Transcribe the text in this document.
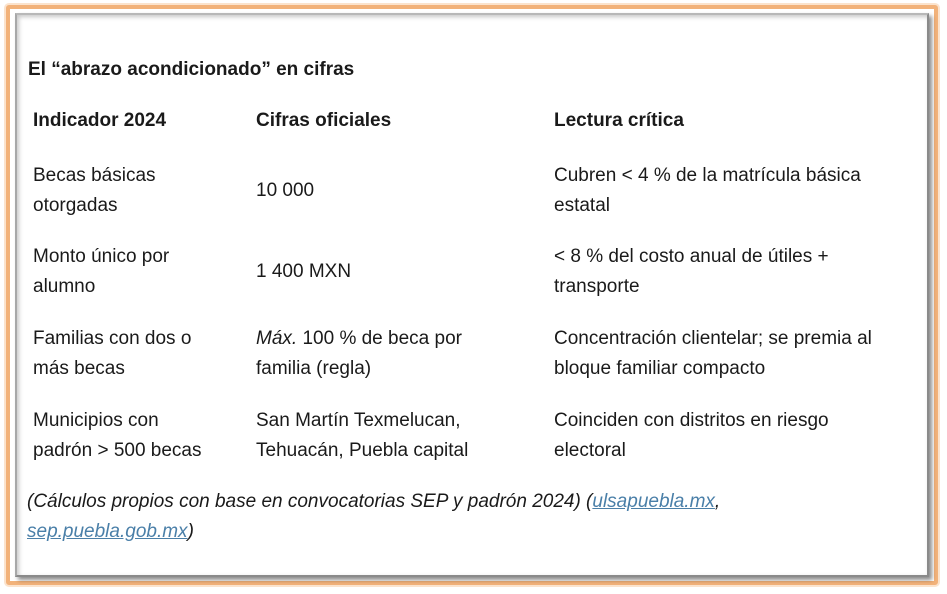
El “abrazo acondicionado” en cifras
Indicador 2024	Cifras oficiales	Lectura crítica
Becas básicas
otorgadas
10 000
Cubren < 4 % de la matrícula básica
estatal
Monto único por
alumno
1 400 MXN
< 8 % del costo anual de útiles +
transporte
Familias con dos o
más becas
Máx. 100 % de beca por
familia (regla)
Concentración clientelar; se premia al
bloque familiar compacto
Municipios con
padrón > 500 becas
San Martín Texmelucan,
Tehuacán, Puebla capital
Coinciden con distritos en riesgo
electoral
(Cálculos propios con base en convocatorias SEP y padrón 2024) (ulsapuebla.mx,
sep.puebla.gob.mx)
